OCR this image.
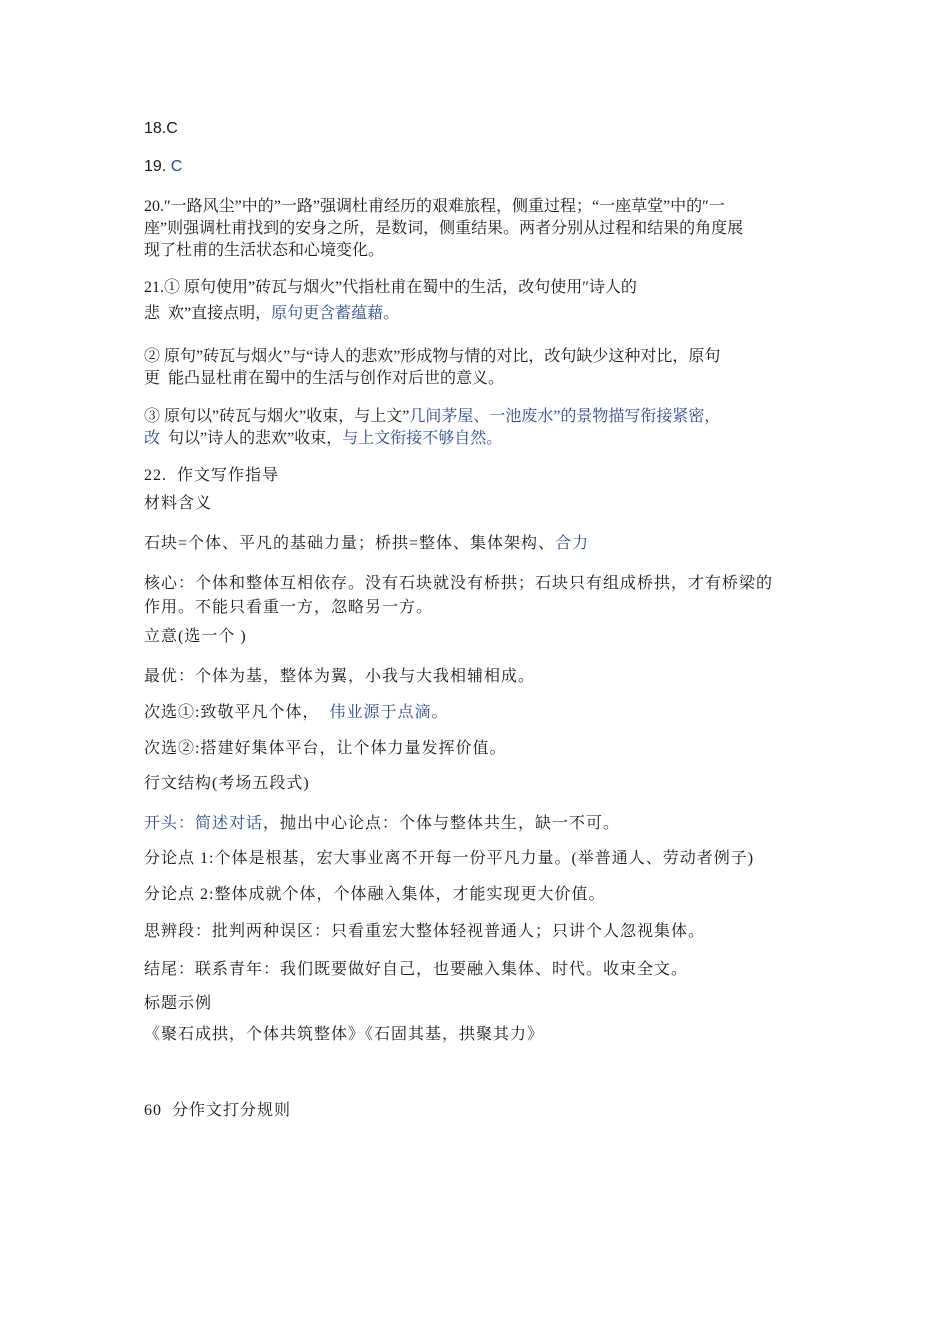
18.C
19. C
20.″一路风尘”中的”一路”强调杜甫经历的艰难旅程，侧重过程；“一座草堂”中的″一
座”则强调杜甫找到的安身之所，是数词，侧重结果。两者分别从过程和结果的角度展
现了杜甫的生活状态和心境变化。
21.① 原句使用”砖瓦与烟火”代指杜甫在蜀中的生活，改句使用″诗人的
悲  欢”直接点明，原句更含蓄蕴藉。
② 原句”砖瓦与烟火”与“诗人的悲欢”形成物与情的对比，改句缺少这种对比，原句
更  能凸显杜甫在蜀中的生活与创作对后世的意义。
③ 原句以”砖瓦与烟火”收束，与上文”几间茅屋、一池废水”的景物描写衔接紧密，
改  句以”诗人的悲欢”收束，与上文衔接不够自然。
22.  作文写作指导
材料含义
石块=个体、平凡的基础力量；桥拱=整体、集体架构、合力
核心：个体和整体互相依存。没有石块就没有桥拱；石块只有组成桥拱，才有桥梁的
作用。不能只看重一方，忽略另一方。
立意(选一个 )
最优：个体为基，整体为翼，小我与大我相辅相成。
次选①:致敬平凡个体，  伟业源于点滴。
次选②:搭建好集体平台，让个体力量发挥价值。
行文结构(考场五段式)
开头：简述对话，抛出中心论点：个体与整体共生，缺一不可。
分论点 1:个体是根基，宏大事业离不开每一份平凡力量。(举普通人、劳动者例子)
分论点 2:整体成就个体，个体融入集体，才能实现更大价值。
思辨段：批判两种误区：只看重宏大整体轻视普通人；只讲个人忽视集体。
结尾：联系青年：我们既要做好自己，也要融入集体、时代。收束全文。
标题示例
《聚石成拱，个体共筑整体》《石固其基，拱聚其力》
60  分作文打分规则
